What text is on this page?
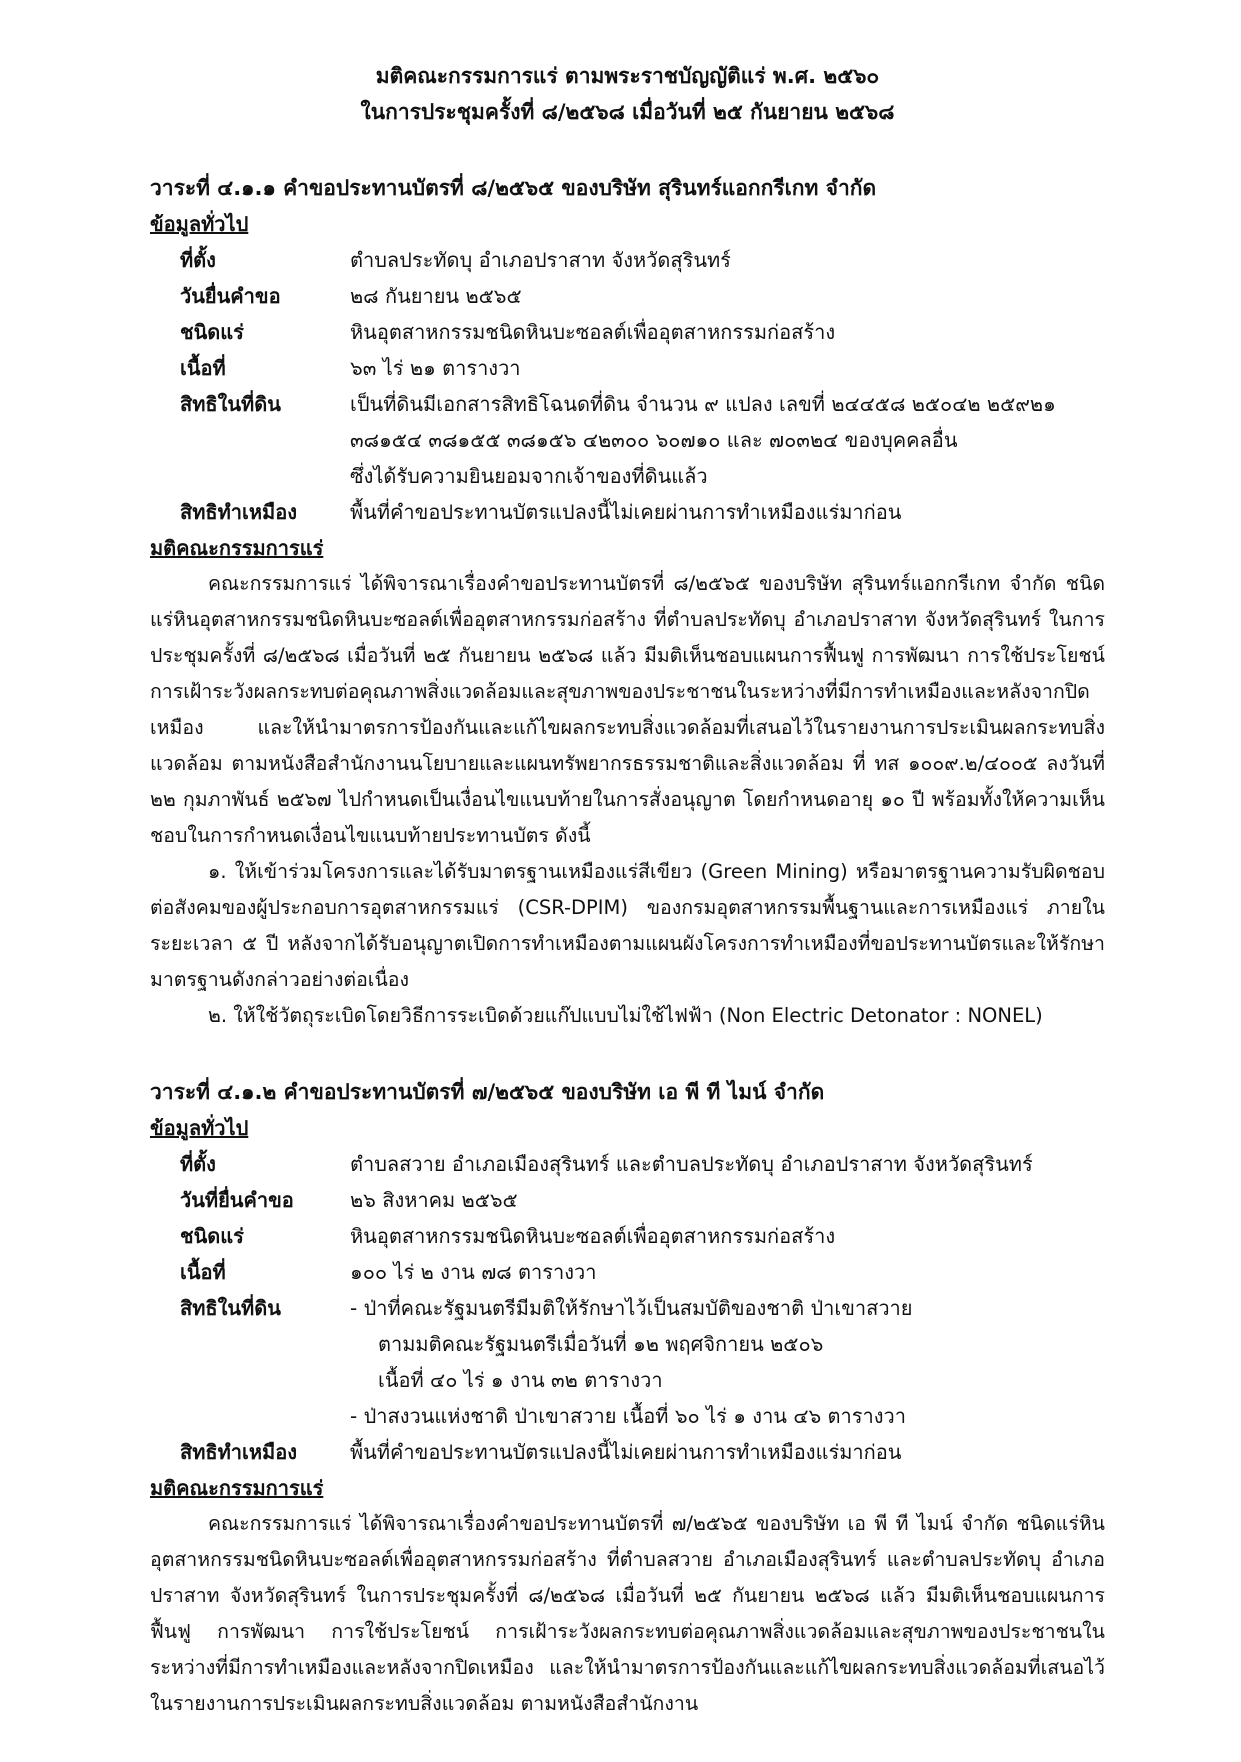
มติคณะกรรมการแร่ ตามพระราชบัญญัติแร่ พ.ศ. ๒๕๖๐

ในการประชุมครั้งที่ ๘/๒๕๖๘ เมื่อวันที่ ๒๕ กันยายน ๒๕๖๘

วาระที่ ๔.๑.๑ คำขอประทานบัตรที่ ๘/๒๕๖๕ ของบริษัท สุรินทร์แอกกรีเกท จำกัด

ข้อมูลทั่วไป

ที่ตั้ง	ตำบลประทัดบุ อำเภอปราสาท จังหวัดสุรินทร์
วันยื่นคำขอ	๒๘ กันยายน ๒๕๖๕
ชนิดแร่	หินอุตสาหกรรมชนิดหินบะซอลต์เพื่ออุตสาหกรรมก่อสร้าง
เนื้อที่	๖๓ ไร่ ๒๑ ตารางวา
สิทธิในที่ดิน	เป็นที่ดินมีเอกสารสิทธิโฉนดที่ดิน จำนวน ๙ แปลง เลขที่ ๒๔๔๕๘ ๒๕๐๔๒ ๒๕๙๒๑

๓๘๑๕๔ ๓๘๑๕๕ ๓๘๑๕๖ ๔๒๓๐๐ ๖๐๗๑๐ และ ๗๐๓๒๔ ของบุคคลอื่น

ซึ่งได้รับความยินยอมจากเจ้าของที่ดินแล้ว

สิทธิทำเหมือง	พื้นที่คำขอประทานบัตรแปลงนี้ไม่เคยผ่านการทำเหมืองแร่มาก่อน

มติคณะกรรมการแร่

คณะกรรมการแร่ ได้พิจารณาเรื่องคำขอประทานบัตรที่ ๘/๒๕๖๕ ของบริษัท สุรินทร์แอกกรีเกท จำกัด ชนิดแร่หินอุตสาหกรรมชนิดหินบะซอลต์เพื่ออุตสาหกรรมก่อสร้าง ที่ตำบลประทัดบุ อำเภอปราสาท จังหวัดสุรินทร์ ในการประชุมครั้งที่ ๘/๒๕๖๘ เมื่อวันที่ ๒๕ กันยายน ๒๕๖๘ แล้ว มีมติเห็นชอบแผนการฟื้นฟู การพัฒนา การใช้ประโยชน์ การเฝ้าระวังผลกระทบต่อคุณภาพสิ่งแวดล้อมและสุขภาพของประชาชนในระหว่างที่มีการทำเหมืองและหลังจากปิดเหมือง และให้นำมาตรการป้องกันและแก้ไขผลกระทบสิ่งแวดล้อมที่เสนอไว้ในรายงานการประเมินผลกระทบสิ่งแวดล้อม ตามหนังสือสำนักงานนโยบายและแผนทรัพยากรธรรมชาติและสิ่งแวดล้อม ที่ ทส ๑๐๐๙.๒/๔๐๐๕ ลงวันที่ ๒๒ กุมภาพันธ์ ๒๕๖๗ ไปกำหนดเป็นเงื่อนไขแนบท้ายในการสั่งอนุญาต โดยกำหนดอายุ ๑๐ ปี พร้อมทั้งให้ความเห็นชอบในการกำหนดเงื่อนไขแนบท้ายประทานบัตร ดังนี้

๑. ให้เข้าร่วมโครงการและได้รับมาตรฐานเหมืองแร่สีเขียว (Green Mining) หรือมาตรฐานความรับผิดชอบต่อสังคมของผู้ประกอบการอุตสาหกรรมแร่ (CSR-DPIM) ของกรมอุตสาหกรรมพื้นฐานและการเหมืองแร่ ภายในระยะเวลา ๕ ปี หลังจากได้รับอนุญาตเปิดการทำเหมืองตามแผนผังโครงการทำเหมืองที่ขอประทานบัตรและให้รักษามาตรฐานดังกล่าวอย่างต่อเนื่อง

๒. ให้ใช้วัตถุระเบิดโดยวิธีการระเบิดด้วยแก๊ปแบบไม่ใช้ไฟฟ้า (Non Electric Detonator : NONEL)

วาระที่ ๔.๑.๒ คำขอประทานบัตรที่ ๗/๒๕๖๕ ของบริษัท เอ พี ที ไมน์ จำกัด

ข้อมูลทั่วไป

ที่ตั้ง	ตำบลสวาย อำเภอเมืองสุรินทร์ และตำบลประทัดบุ อำเภอปราสาท จังหวัดสุรินทร์
วันที่ยื่นคำขอ	๒๖ สิงหาคม ๒๕๖๕
ชนิดแร่	หินอุตสาหกรรมชนิดหินบะซอลต์เพื่ออุตสาหกรรมก่อสร้าง
เนื้อที่	๑๐๐ ไร่ ๒ งาน ๗๘ ตารางวา
สิทธิในที่ดิน	- ป่าที่คณะรัฐมนตรีมีมติให้รักษาไว้เป็นสมบัติของชาติ ป่าเขาสวาย

ตามมติคณะรัฐมนตรีเมื่อวันที่ ๑๒ พฤศจิกายน ๒๕๐๖

เนื้อที่ ๔๐ ไร่ ๑ งาน ๓๒ ตารางวา

- ป่าสงวนแห่งชาติ ป่าเขาสวาย เนื้อที่ ๖๐ ไร่ ๑ งาน ๔๖ ตารางวา

สิทธิทำเหมือง	พื้นที่คำขอประทานบัตรแปลงนี้ไม่เคยผ่านการทำเหมืองแร่มาก่อน

มติคณะกรรมการแร่

คณะกรรมการแร่ ได้พิจารณาเรื่องคำขอประทานบัตรที่ ๗/๒๕๖๕ ของบริษัท เอ พี ที ไมน์ จำกัด ชนิดแร่หินอุตสาหกรรมชนิดหินบะซอลต์เพื่ออุตสาหกรรมก่อสร้าง ที่ตำบลสวาย อำเภอเมืองสุรินทร์ และตำบลประทัดบุ อำเภอปราสาท จังหวัดสุรินทร์ ในการประชุมครั้งที่ ๘/๒๕๖๘ เมื่อวันที่ ๒๕ กันยายน ๒๕๖๘ แล้ว มีมติเห็นชอบแผนการฟื้นฟู การพัฒนา การใช้ประโยชน์ การเฝ้าระวังผลกระทบต่อคุณภาพสิ่งแวดล้อมและสุขภาพของประชาชนในระหว่างที่มีการทำเหมืองและหลังจากปิดเหมือง และให้นำมาตรการป้องกันและแก้ไขผลกระทบสิ่งแวดล้อมที่เสนอไว้ในรายงานการประเมินผลกระทบสิ่งแวดล้อม ตามหนังสือสำนักงาน
